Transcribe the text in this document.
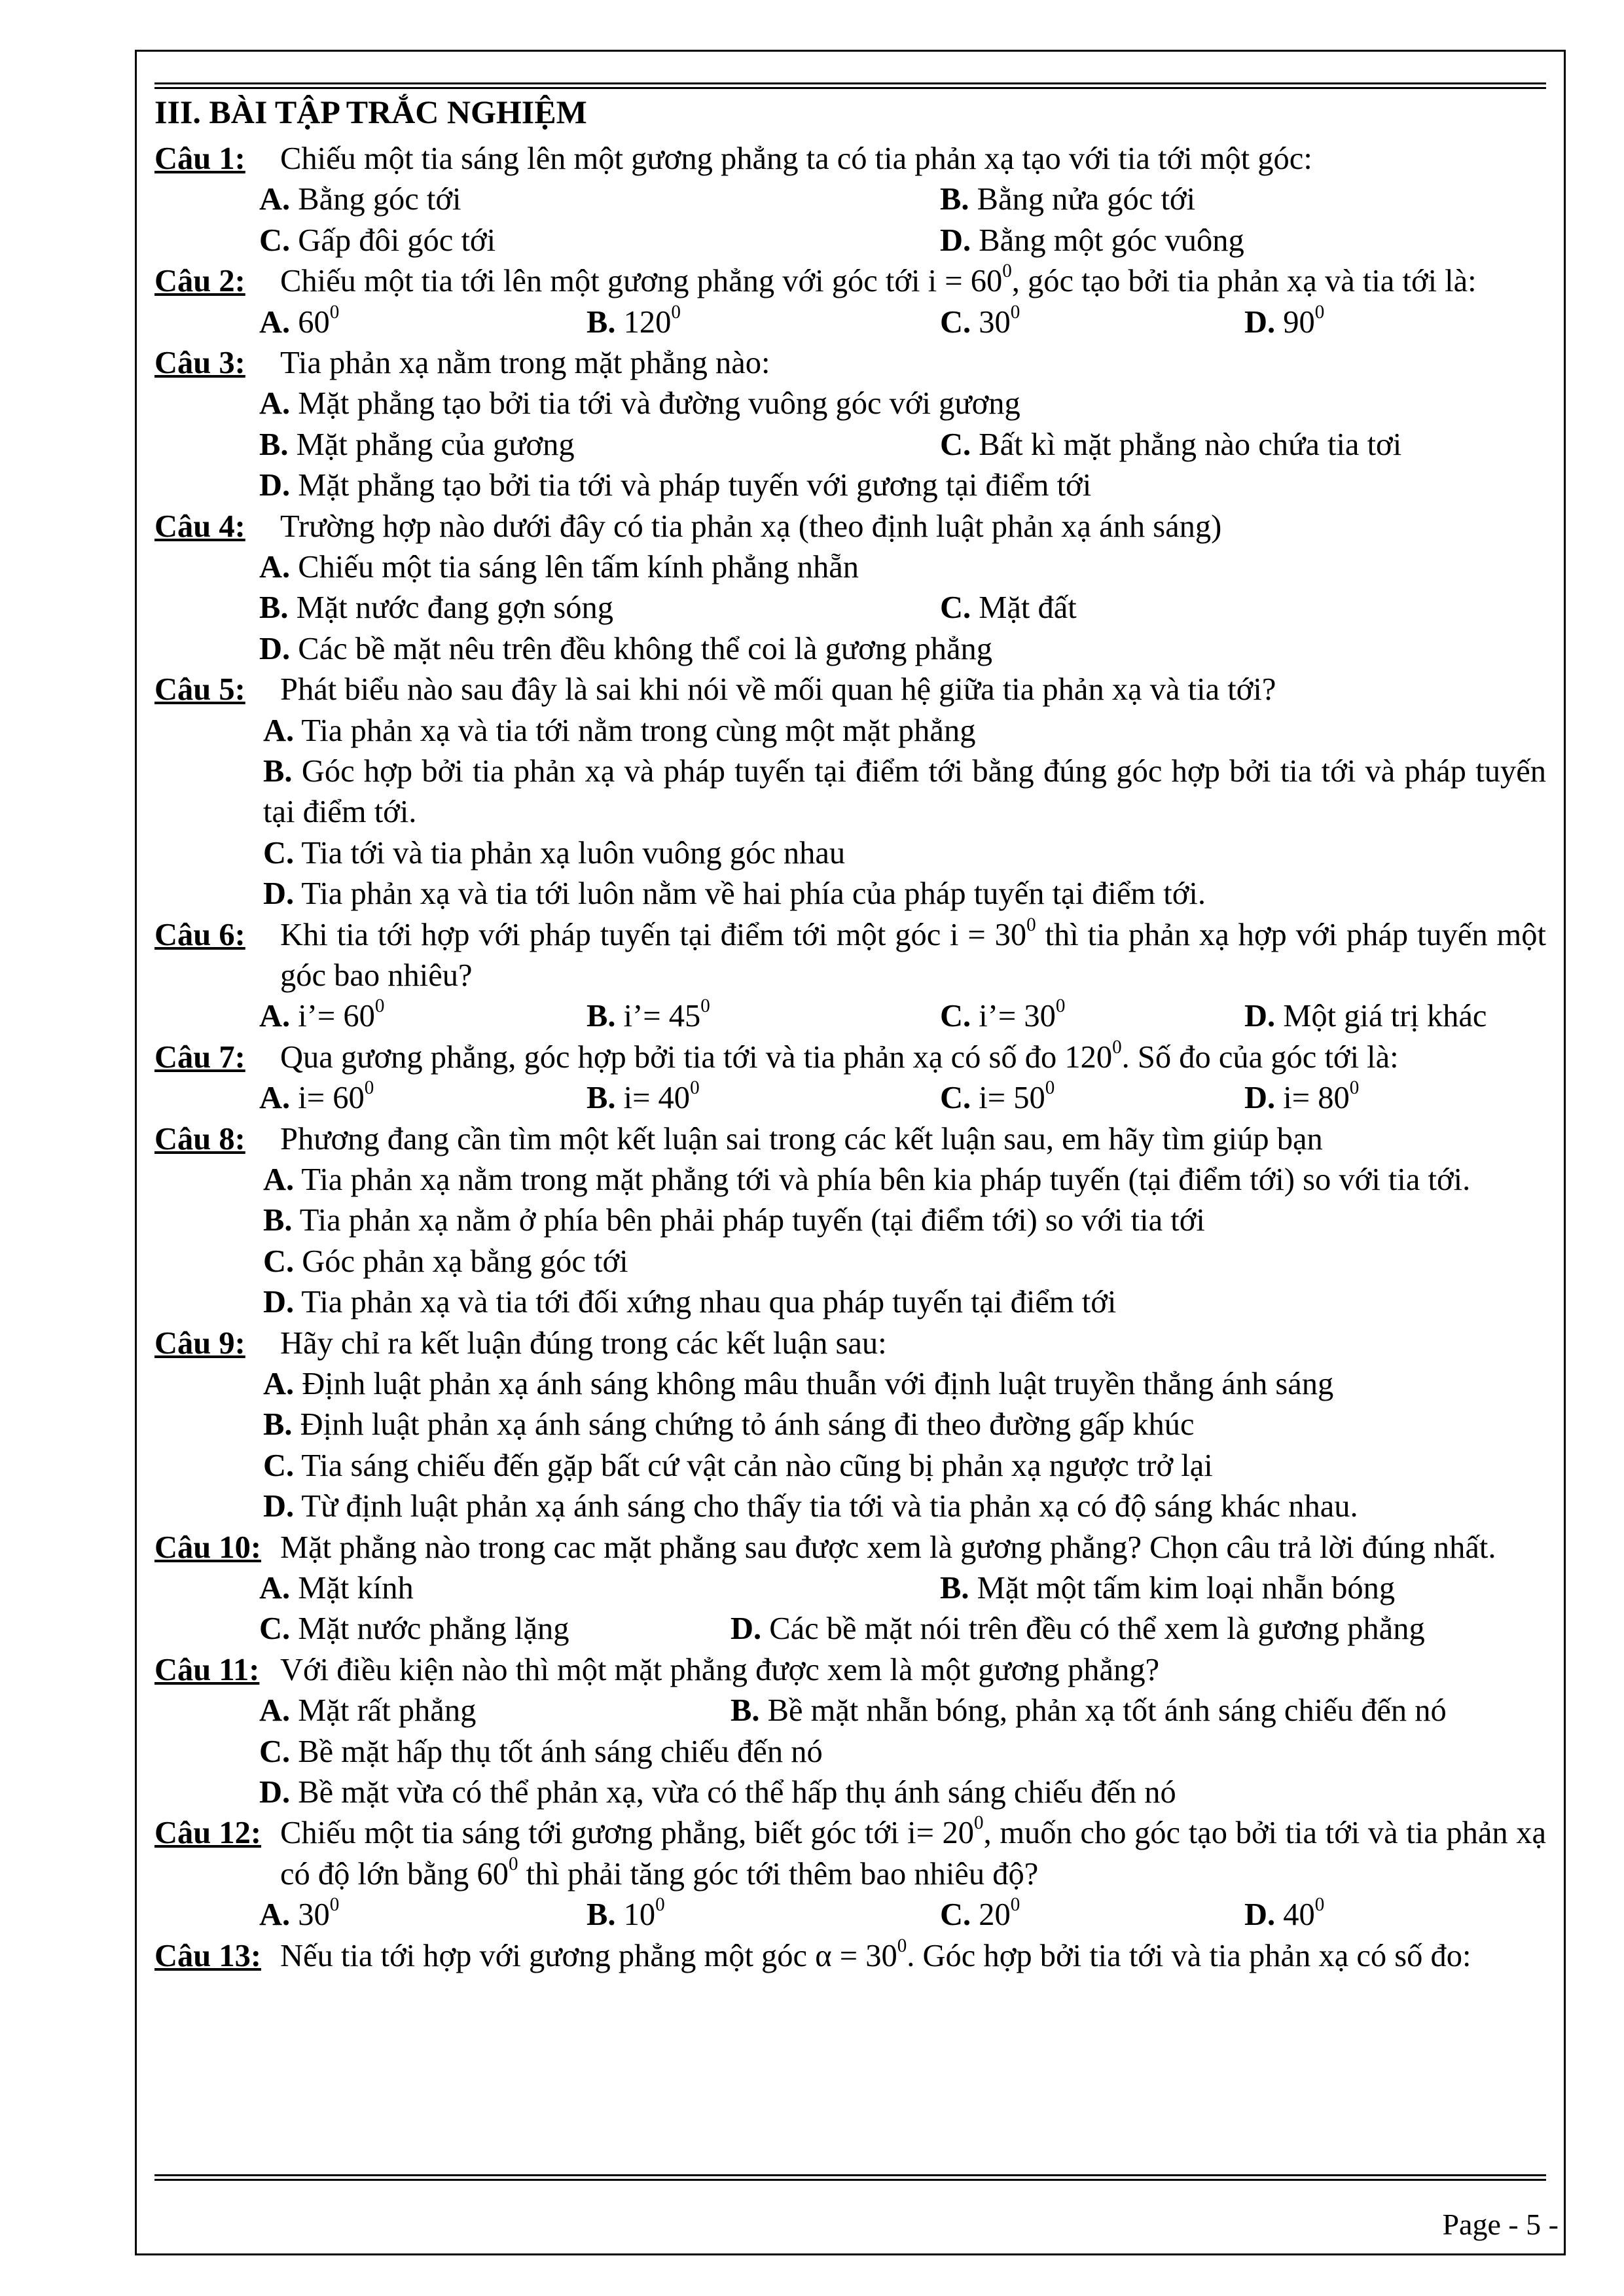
III. BÀI TẬP TRẮC NGHIỆM
Câu 1: Chiếu một tia sáng lên một gương phẳng ta có tia phản xạ tạo với tia tới một góc:
A. Bằng góc tới	B. Bằng nửa góc tới
C. Gấp đôi góc tới	D. Bằng một góc vuông
Câu 2: Chiếu một tia tới lên một gương phẳng với góc tới $i = 60^0$, góc tạo bởi tia phản xạ và tia tới là:
A. $60^0$	B. $120^0$	C. $30^0$	D. $90^0$
Câu 3: Tia phản xạ nằm trong mặt phẳng nào:
A. Mặt phẳng tạo bởi tia tới và đường vuông góc với gương
B. Mặt phẳng của gương	C. Bất kì mặt phẳng nào chứa tia tơi
D. Mặt phẳng tạo bởi tia tới và pháp tuyến với gương tại điểm tới
Câu 4: Trường hợp nào dưới đây có tia phản xạ (theo định luật phản xạ ánh sáng)
A. Chiếu một tia sáng lên tấm kính phẳng nhẵn
B. Mặt nước đang gợn sóng	C. Mặt đất
D. Các bề mặt nêu trên đều không thể coi là gương phẳng
Câu 5: Phát biểu nào sau đây là sai khi nói về mối quan hệ giữa tia phản xạ và tia tới?
A. Tia phản xạ và tia tới nằm trong cùng một mặt phẳng
B. Góc hợp bởi tia phản xạ và pháp tuyến tại điểm tới bằng đúng góc hợp bởi tia tới và pháp tuyến tại điểm tới.
C. Tia tới và tia phản xạ luôn vuông góc nhau
D. Tia phản xạ và tia tới luôn nằm về hai phía của pháp tuyến tại điểm tới.
Câu 6: Khi tia tới hợp với pháp tuyến tại điểm tới một góc $i = 30^0$ thì tia phản xạ hợp với pháp tuyến một góc bao nhiêu?
A. i’= $60^0$	B. i’= $45^0$	C. i’= $30^0$	D. Một giá trị khác
Câu 7: Qua gương phẳng, góc hợp bởi tia tới và tia phản xạ có số đo $120^0$. Số đo của góc tới là:
A. $i= 60^0$	B. $i= 40^0$	C. $i= 50^0$	D. $i= 80^0$
Câu 8: Phương đang cần tìm một kết luận sai trong các kết luận sau, em hãy tìm giúp bạn
A. Tia phản xạ nằm trong mặt phẳng tới và phía bên kia pháp tuyến (tại điểm tới) so với tia tới.
B. Tia phản xạ nằm ở phía bên phải pháp tuyến (tại điểm tới) so với tia tới
C. Góc phản xạ bằng góc tới
D. Tia phản xạ và tia tới đối xứng nhau qua pháp tuyến tại điểm tới
Câu 9: Hãy chỉ ra kết luận đúng trong các kết luận sau:
A. Định luật phản xạ ánh sáng không mâu thuẫn với định luật truyền thẳng ánh sáng
B. Định luật phản xạ ánh sáng chứng tỏ ánh sáng đi theo đường gấp khúc
C. Tia sáng chiếu đến gặp bất cứ vật cản nào cũng bị phản xạ ngược trở lại
D. Từ định luật phản xạ ánh sáng cho thấy tia tới và tia phản xạ có độ sáng khác nhau.
Câu 10: Mặt phẳng nào trong cac mặt phẳng sau được xem là gương phẳng? Chọn câu trả lời đúng nhất.
A. Mặt kính	B. Mặt một tấm kim loại nhẵn bóng
C. Mặt nước phẳng lặng	D. Các bề mặt nói trên đều có thể xem là gương phẳng
Câu 11: Với điều kiện nào thì một mặt phẳng được xem là một gương phẳng?
A. Mặt rất phẳng	B. Bề mặt nhẵn bóng, phản xạ tốt ánh sáng chiếu đến nó
C. Bề mặt hấp thụ tốt ánh sáng chiếu đến nó
D. Bề mặt vừa có thể phản xạ, vừa có thể hấp thụ ánh sáng chiếu đến nó
Câu 12: Chiếu một tia sáng tới gương phẳng, biết góc tới $i= 20^0$, muốn cho góc tạo bởi tia tới và tia phản xạ có độ lớn bằng $60^0$ thì phải tăng góc tới thêm bao nhiêu độ?
A. $30^0$	B. $10^0$	C. $20^0$	D. $40^0$
Câu 13: Nếu tia tới hợp với gương phẳng một góc $\alpha = 30^0$. Góc hợp bởi tia tới và tia phản xạ có số đo:
Page - 5 -
